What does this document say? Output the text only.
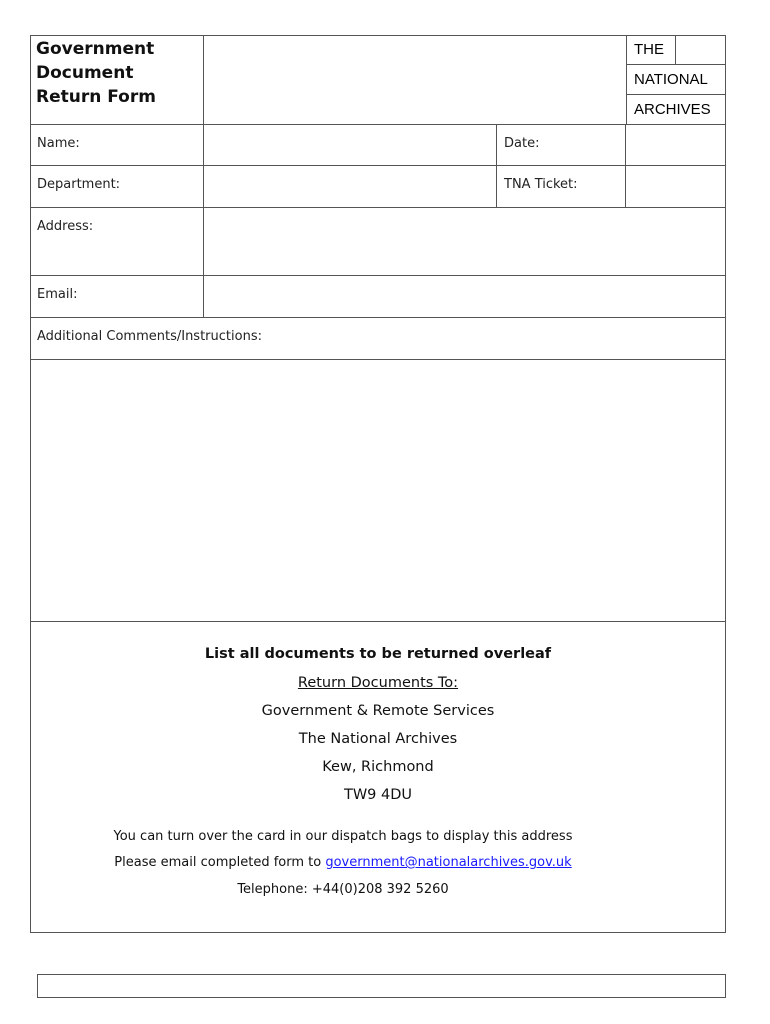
Government
Document
Return Form
THE
NATIONAL
ARCHIVES
Name:	Date:
Department:	TNA Ticket:
Address:
Email:
Additional Comments/Instructions:
List all documents to be returned overleaf
Return Documents To:
Government & Remote Services
The National Archives
Kew, Richmond
TW9 4DU
You can turn over the card in our dispatch bags to display this address
Please email completed form to government@nationalarchives.gov.uk
Telephone: +44(0)208 392 5260
